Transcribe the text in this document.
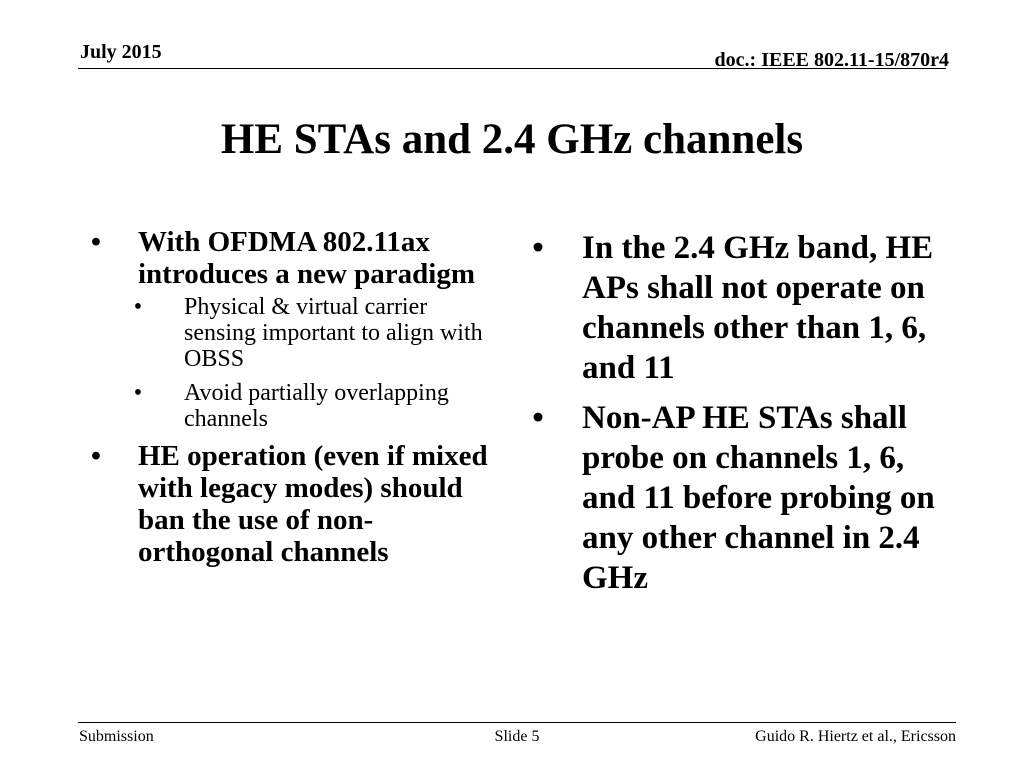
July 2015	doc.: IEEE 802.11-15/870r4
HE STAs and 2.4 GHz channels
• With OFDMA 802.11ax introduces a new paradigm
• Physical & virtual carrier sensing important to align with OBSS
• Avoid partially overlapping channels
• HE operation (even if mixed with legacy modes) should ban the use of non-orthogonal channels
• In the 2.4 GHz band, HE APs shall not operate on channels other than 1, 6, and 11
• Non-AP HE STAs shall probe on channels 1, 6, and 11 before probing on any other channel in 2.4 GHz
Submission	Slide 5	Guido R. Hiertz et al., Ericsson
